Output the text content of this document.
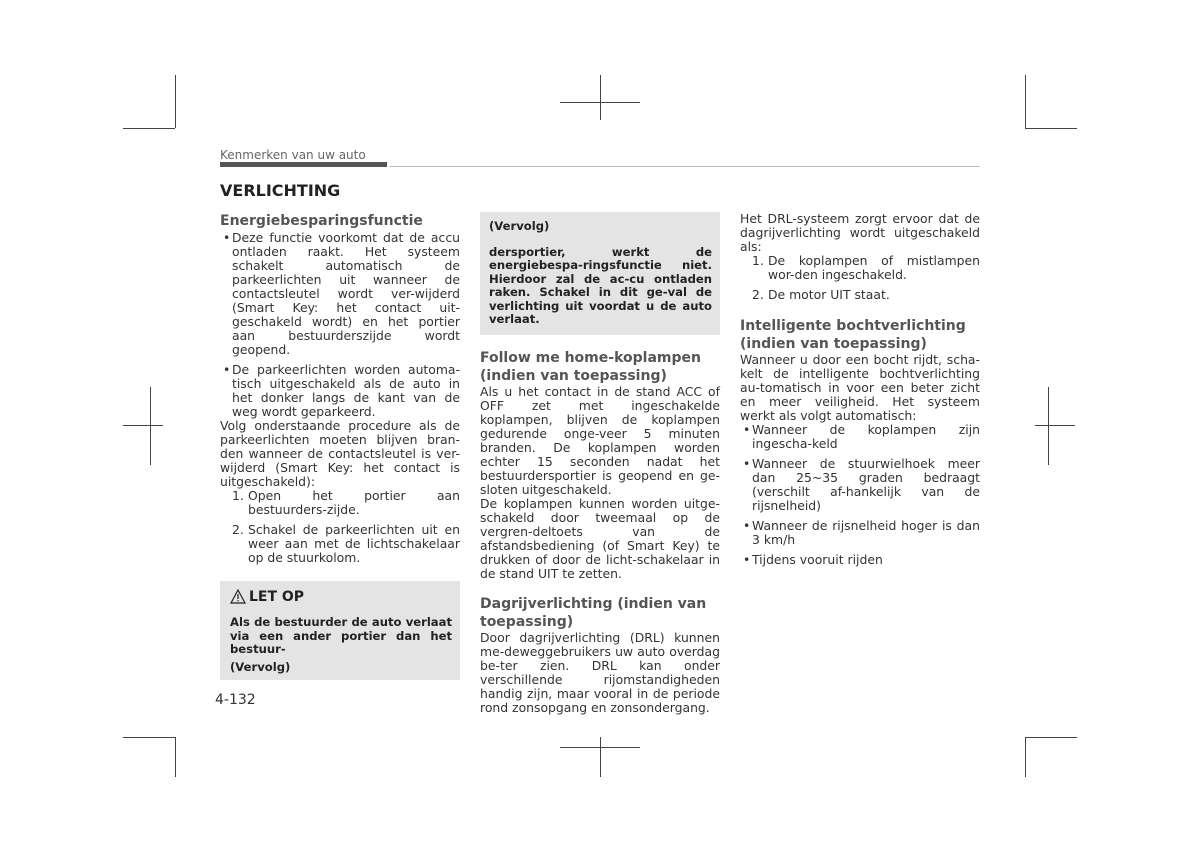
Kenmerken van uw auto
VERLICHTING
Energiebesparingsfunctie
• Deze functie voorkomt dat de accu ontladen raakt. Het systeem schakelt automatisch de parkeerlichten uit wanneer de contactsleutel wordt ver-wijderd (Smart Key: het contact uit-geschakeld wordt) en het portier aan bestuurderszijde wordt geopend.
• De parkeerlichten worden automa-tisch uitgeschakeld als de auto in het donker langs de kant van de weg wordt geparkeerd.

Volg onderstaande procedure als de parkeerlichten moeten blijven bran-den wanneer de contactsleutel is ver-wijderd (Smart Key: het contact is uitgeschakeld):

1. Open het portier aan bestuurders-zijde.
2. Schakel de parkeerlichten uit en weer aan met de lichtschakelaar op de stuurkolom.
LET OP

Als de bestuurder de auto verlaat via een ander portier dan het bestuur-

(Vervolg)

(Vervolg)

dersportier, werkt de energiebespa-ringsfunctie niet. Hierdoor zal de ac-cu ontladen raken. Schakel in dit ge-val de verlichting uit voordat u de auto verlaat.

Follow me home-koplampen (indien van toepassing)

Als u het contact in de stand ACC of OFF zet met ingeschakelde koplampen, blijven de koplampen gedurende onge-veer 5 minuten branden. De koplampen worden echter 15 seconden nadat het bestuurdersportier is geopend en ge-sloten uitgeschakeld.

De koplampen kunnen worden uitge-schakeld door tweemaal op de vergren-deltoets van de afstandsbediening (of Smart Key) te drukken of door de licht-schakelaar in de stand UIT te zetten.

Dagrijverlichting (indien van toepassing)

Door dagrijverlichting (DRL) kunnen me-deweggebruikers uw auto overdag be-ter zien. DRL kan onder verschillende rijomstandigheden handig zijn, maar vooral in de periode rond zonsopgang en zonsondergang.

Het DRL-systeem zorgt ervoor dat de dagrijverlichting wordt uitgeschakeld als:

1. De koplampen of mistlampen wor-den ingeschakeld.
2. De motor UIT staat.
Intelligente bochtverlichting (indien van toepassing)

Wanneer u door een bocht rijdt, scha-kelt de intelligente bochtverlichting au-tomatisch in voor een beter zicht en meer veiligheid. Het systeem werkt als volgt automatisch:

• Wanneer de koplampen zijn ingescha-keld
• Wanneer de stuurwielhoek meer dan 25~35 graden bedraagt (verschilt af-hankelijk van de rijsnelheid)
• Wanneer de rijsnelheid hoger is dan 3 km/h
• Tijdens vooruit rijden
4-132
